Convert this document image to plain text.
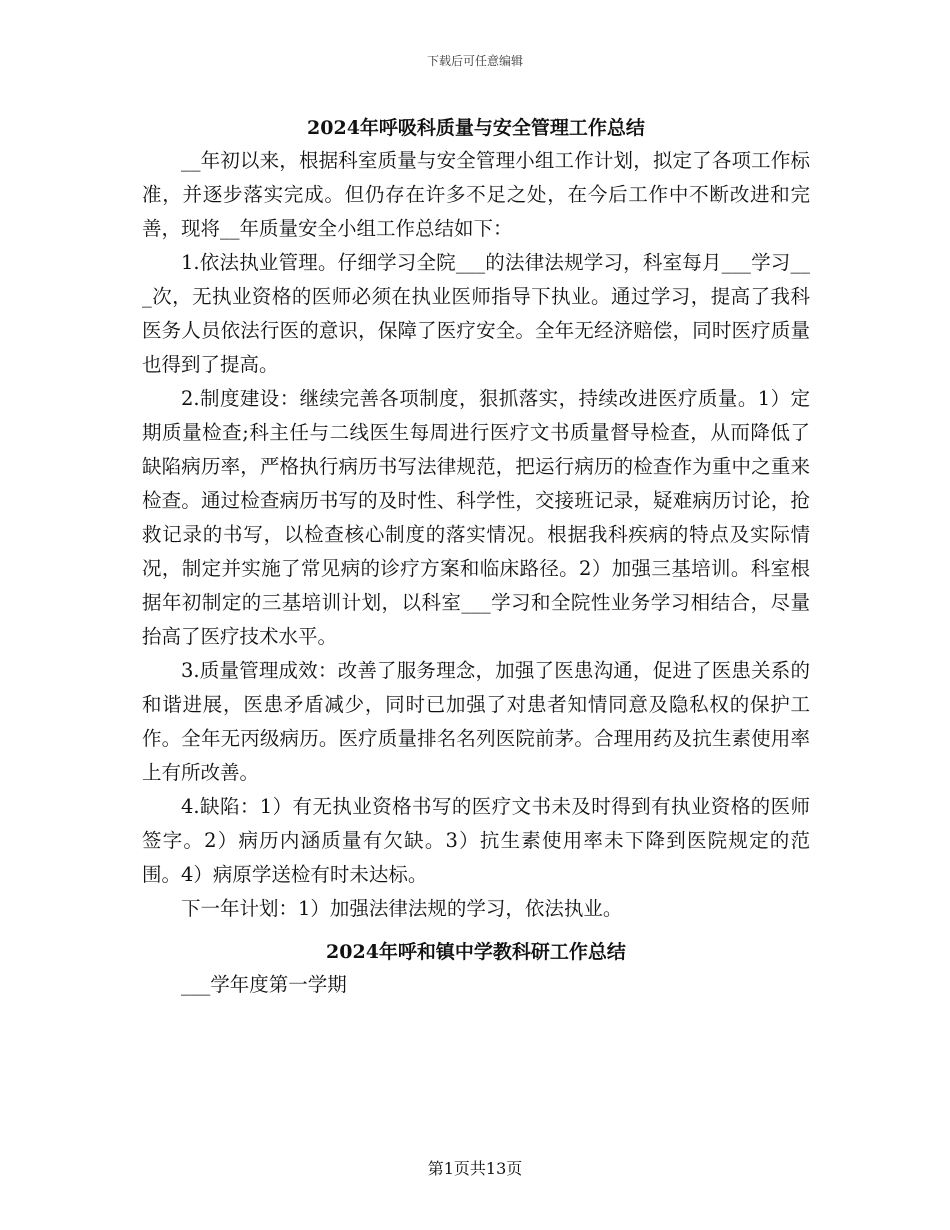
下载后可任意编辑
2024年呼吸科质量与安全管理工作总结

__年初以来，根据科室质量与安全管理小组工作计划，拟定了各项工作标准，并逐步落实完成。但仍存在许多不足之处，在今后工作中不断改进和完善，现将__年质量安全小组工作总结如下：

1.依法执业管理。仔细学习全院___的法律法规学习，科室每月___学习___次，无执业资格的医师必须在执业医师指导下执业。通过学习，提高了我科医务人员依法行医的意识，保障了医疗安全。全年无经济赔偿，同时医疗质量也得到了提高。

2.制度建设：继续完善各项制度，狠抓落实，持续改进医疗质量。1）定期质量检查;科主任与二线医生每周进行医疗文书质量督导检查，从而降低了缺陷病历率，严格执行病历书写法律规范，把运行病历的检查作为重中之重来检查。通过检查病历书写的及时性、科学性，交接班记录，疑难病历讨论，抢救记录的书写，以检查核心制度的落实情况。根据我科疾病的特点及实际情况，制定并实施了常见病的诊疗方案和临床路径。2）加强三基培训。科室根据年初制定的三基培训计划，以科室___学习和全院性业务学习相结合，尽量抬高了医疗技术水平。

3.质量管理成效：改善了服务理念，加强了医患沟通，促进了医患关系的和谐进展，医患矛盾减少，同时已加强了对患者知情同意及隐私权的保护工作。全年无丙级病历。医疗质量排名名列医院前茅。合理用药及抗生素使用率上有所改善。

4.缺陷：1）有无执业资格书写的医疗文书未及时得到有执业资格的医师签字。2）病历内涵质量有欠缺。3）抗生素使用率未下降到医院规定的范围。4）病原学送检有时未达标。

下一年计划：1）加强法律法规的学习，依法执业。

2024年呼和镇中学教科研工作总结

___学年度第一学期

第1页共13页
